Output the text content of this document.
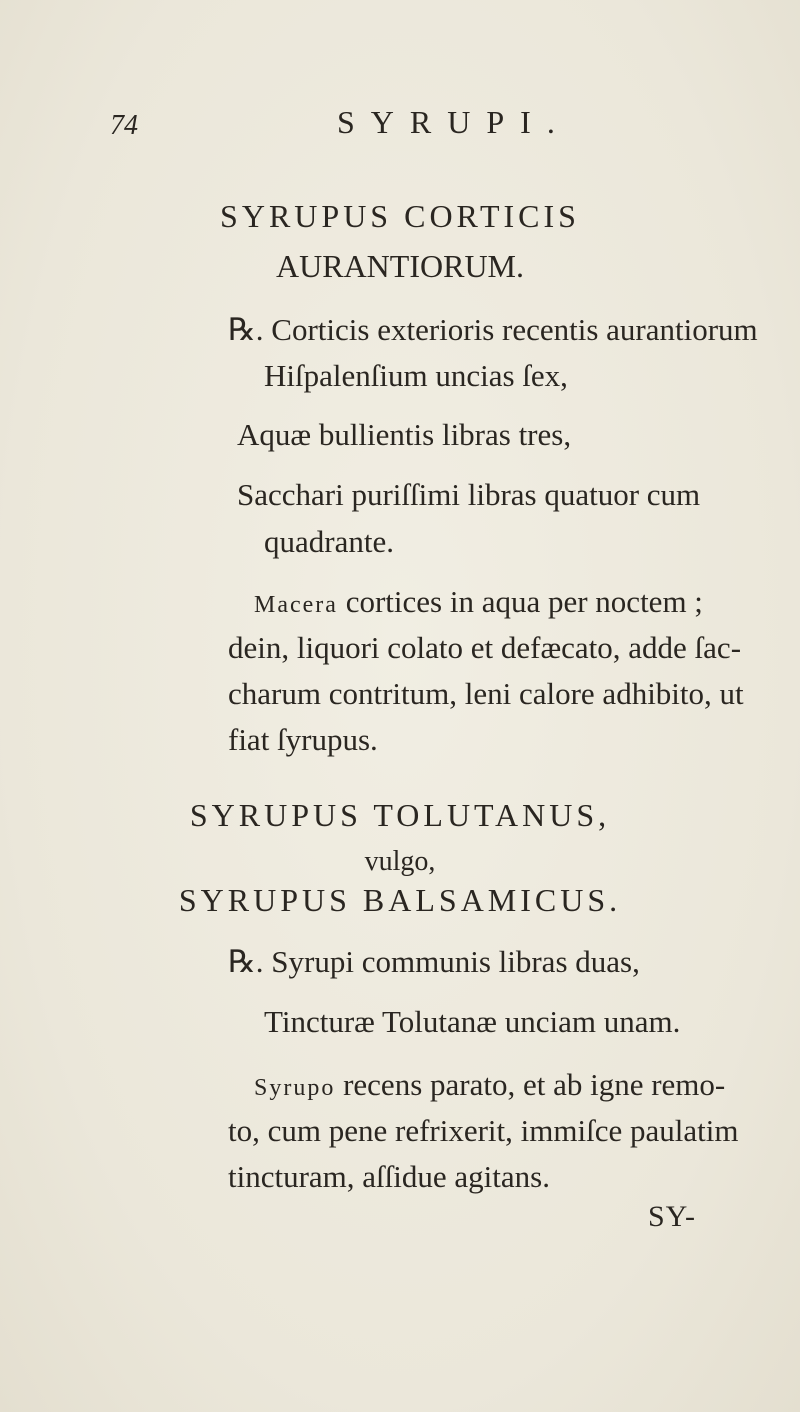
74	SYRUPI.
SYRUPUS CORTICIS
AURANTIORUM.
℞. Corticis exterioris recentis aurantiorum
Hiſpalenſium uncias ſex,
Aquæ bullientis libras tres,
Sacchari puriſſimi libras quatuor cum
quadrante.
Macera cortices in aqua per noctem ;
dein, liquori colato et defæcato, adde ſac-
charum contritum, leni calore adhibito, ut
fiat ſyrupus.
SYRUPUS TOLUTANUS,
vulgo,
SYRUPUS BALSAMICUS.
℞. Syrupi communis libras duas,
Tincturæ Tolutanæ unciam unam.
Syrupo recens parato, et ab igne remo-
to, cum pene refrixerit, immiſce paulatim
tincturam, aſſidue agitans.
SY-
